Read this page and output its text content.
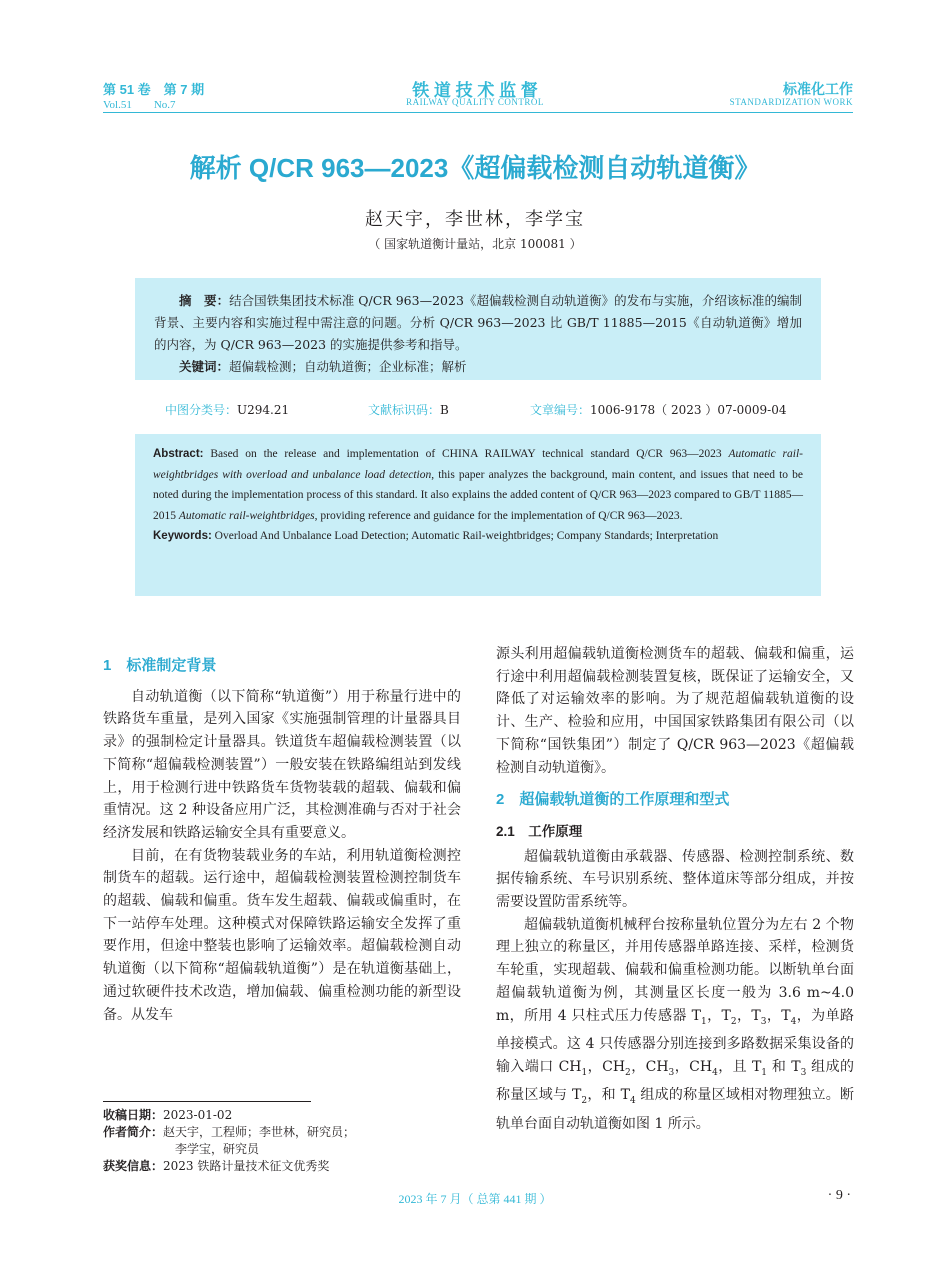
第 51 卷　第 7 期
Vol.51　　No.7
铁 道 技 术 监 督
RAILWAY QUALITY CONTROL
标准化工作
STANDARDIZATION WORK
解析 Q/CR 963—2023《超偏载检测自动轨道衡》
赵天宇，李世林，李学宝
（ 国家轨道衡计量站，北京 100081 ）

摘　要：结合国铁集团技术标准 Q/CR 963—2023《超偏载检测自动轨道衡》的发布与实施，介绍该标准的编制背景、主要内容和实施过程中需注意的问题。分析 Q/CR 963—2023 比 GB/T 11885—2015《自动轨道衡》增加的内容，为 Q/CR 963—2023 的实施提供参考和指导。

关键词：超偏载检测；自动轨道衡；企业标准；解析

中图分类号：U294.21	文献标识码：B	文章编号：1006-9178（ 2023 ）07-0009-04

Abstract: Based on the release and implementation of CHINA RAILWAY technical standard Q/CR 963—2023 Automatic rail-weightbridges with overload and unbalance load detection, this paper analyzes the background, main content, and issues that need to be noted during the implementation process of this standard. It also explains the added content of Q/CR 963—2023 compared to GB/T 11885—2015 Automatic rail-weightbridges, providing reference and guidance for the implementation of Q/CR 963—2023.

Keywords: Overload And Unbalance Load Detection; Automatic Rail-weightbridges; Company Standards; Interpretation

1　标准制定背景

自动轨道衡（以下简称“轨道衡”）用于称量行进中的铁路货车重量，是列入国家《实施强制管理的计量器具目录》的强制检定计量器具。铁道货车超偏载检测装置（以下简称“超偏载检测装置”）一般安装在铁路编组站到发线上，用于检测行进中铁路货车货物装载的超载、偏载和偏重情况。这 2 种设备应用广泛，其检测准确与否对于社会经济发展和铁路运输安全具有重要意义。

目前，在有货物装载业务的车站，利用轨道衡检测控制货车的超载。运行途中，超偏载检测装置检测控制货车的超载、偏载和偏重。货车发生超载、偏载或偏重时，在下一站停车处理。这种模式对保障铁路运输安全发挥了重要作用，但途中整装也影响了运输效率。超偏载检测自动轨道衡（以下简称“超偏载轨道衡”）是在轨道衡基础上，通过软硬件技术改造，增加偏载、偏重检测功能的新型设备。从发车

收稿日期：2023-01-02
作者简介：赵天宇，工程师；李世林，研究员；
李学宝，研究员
获奖信息：2023 铁路计量技术征文优秀奖

源头利用超偏载轨道衡检测货车的超载、偏载和偏重，运行途中利用超偏载检测装置复核，既保证了运输安全，又降低了对运输效率的影响。为了规范超偏载轨道衡的设计、生产、检验和应用，中国国家铁路集团有限公司（以下简称“国铁集团”）制定了 Q/CR 963—2023《超偏载检测自动轨道衡》。

2　超偏载轨道衡的工作原理和型式
2.1　工作原理

超偏载轨道衡由承载器、传感器、检测控制系统、数据传输系统、车号识别系统、整体道床等部分组成，并按需要设置防雷系统等。

超偏载轨道衡机械秤台按称量轨位置分为左右 2 个物理上独立的称量区，并用传感器单路连接、采样，检测货车轮重，实现超载、偏载和偏重检测功能。以断轨单台面超偏载轨道衡为例，其测量区长度一般为 3.6 m~4.0 m，所用 4 只柱式压力传感器 $T_1$，$T_2$，$T_3$，$T_4$，为单路单接模式。这 4 只传感器分别连接到多路数据采集设备的输入端口 $CH_1$，$CH_2$，$CH_3$，$CH_4$，且 $T_1$ 和 $T_3$ 组成的称量区域与 $T_2$，和 $T_4$ 组成的称量区域相对物理独立。断轨单台面自动轨道衡如图 1 所示。

2023 年 7 月（ 总第 441 期 ）	· 9 ·
